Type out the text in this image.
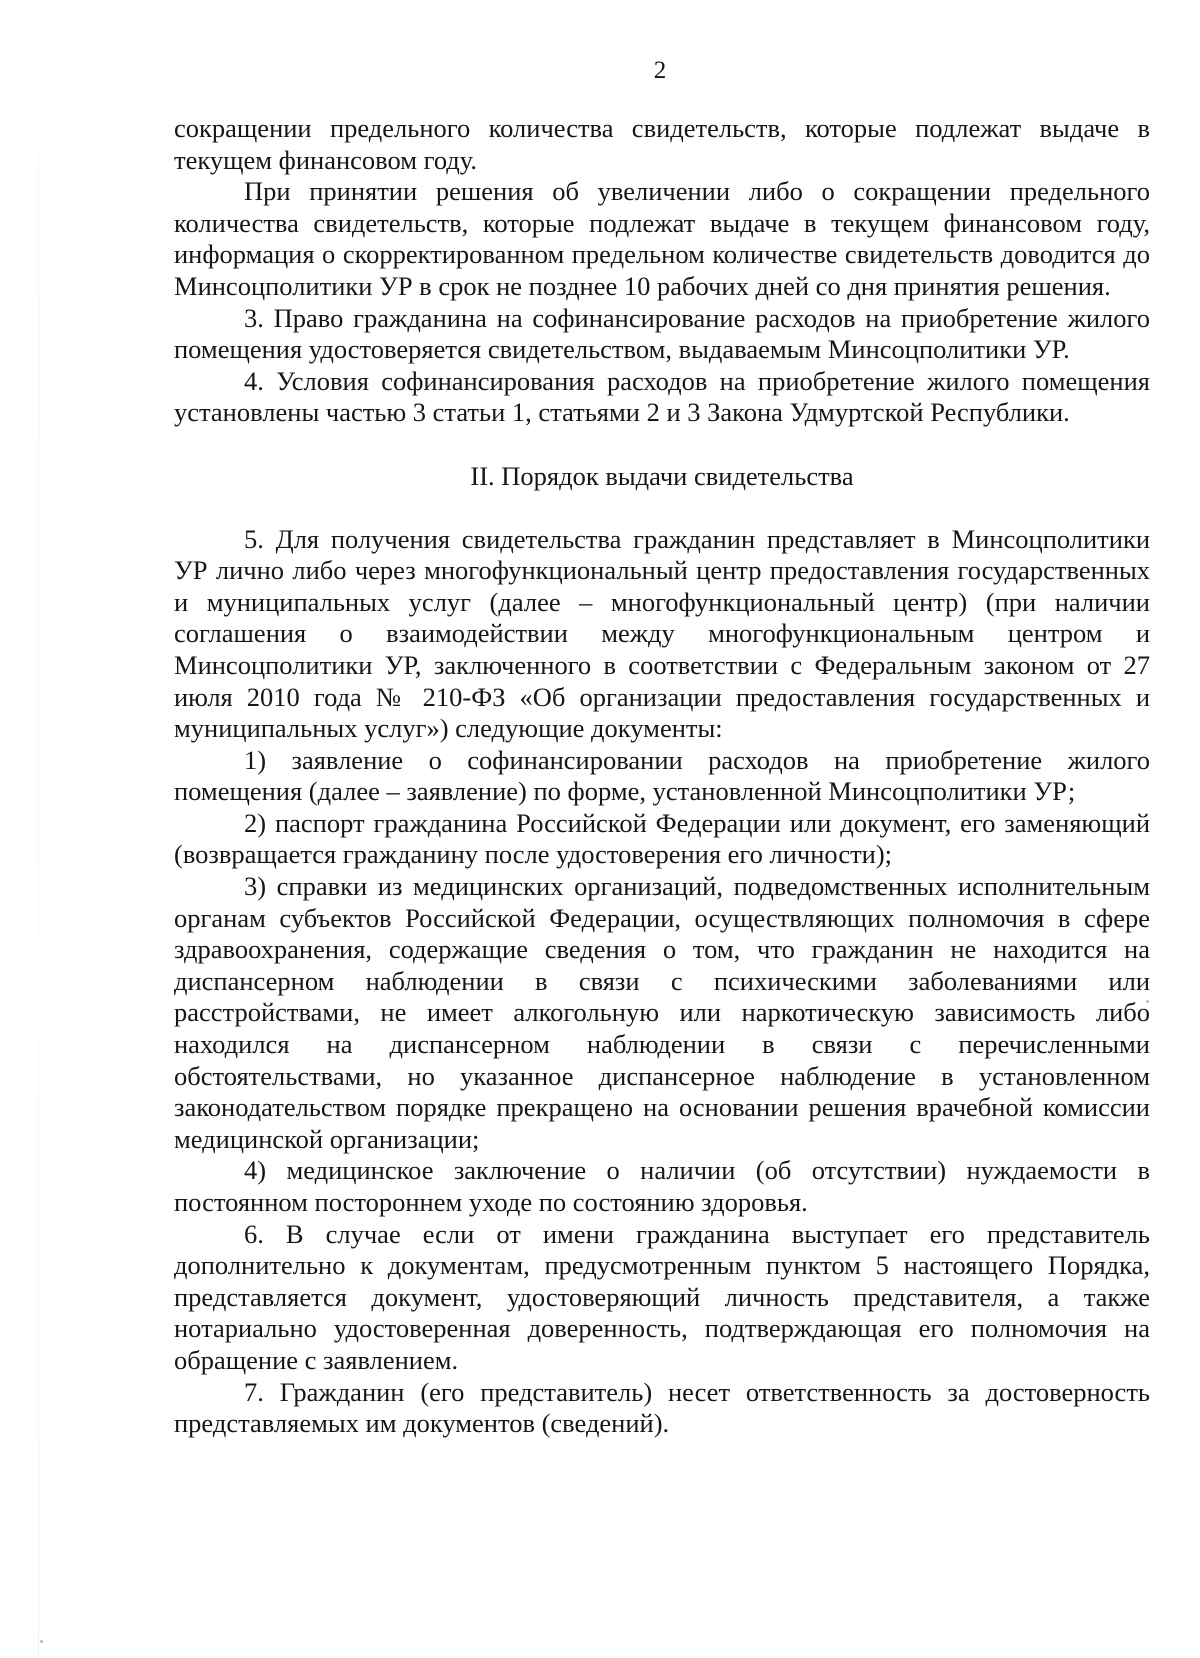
2

сокращении предельного количества свидетельств, которые подлежат выдаче в текущем финансовом году.

При принятии решения об увеличении либо о сокращении предельного количества свидетельств, которые подлежат выдаче в текущем финансовом году, информация о скорректированном предельном количестве свидетельств доводится до Минсоцполитики УР в срок не позднее 10 рабочих дней со дня принятия решения.

3. Право гражданина на софинансирование расходов на приобретение жилого помещения удостоверяется свидетельством, выдаваемым Минсоцполитики УР.

4. Условия софинансирования расходов на приобретение жилого помещения установлены частью 3 статьи 1, статьями 2 и 3 Закона Удмуртской Республики.

II. Порядок выдачи свидетельства

5. Для получения свидетельства гражданин представляет в Минсоцполитики УР лично либо через многофункциональный центр предоставления государственных и муниципальных услуг (далее – многофункциональный центр) (при наличии соглашения о взаимодействии между многофункциональным центром и Минсоцполитики УР, заключенного в соответствии с Федеральным законом от 27 июля 2010 года № 210-ФЗ «Об организации предоставления государственных и муниципальных услуг») следующие документы:

1) заявление о софинансировании расходов на приобретение жилого помещения (далее – заявление) по форме, установленной Минсоцполитики УР;

2) паспорт гражданина Российской Федерации или документ, его заменяющий (возвращается гражданину после удостоверения его личности);

3) справки из медицинских организаций, подведомственных исполнительным органам субъектов Российской Федерации, осуществляющих полномочия в сфере здравоохранения, содержащие сведения о том, что гражданин не находится на диспансерном наблюдении в связи с психическими заболеваниями или расстройствами, не имеет алкогольную или наркотическую зависимость либо находился на диспансерном наблюдении в связи с перечисленными обстоятельствами, но указанное диспансерное наблюдение в установленном законодательством порядке прекращено на основании решения врачебной комиссии медицинской организации;

4) медицинское заключение о наличии (об отсутствии) нуждаемости в постоянном постороннем уходе по состоянию здоровья.

6. В случае если от имени гражданина выступает его представитель дополнительно к документам, предусмотренным пунктом 5 настоящего Порядка, представляется документ, удостоверяющий личность представителя, а также нотариально удостоверенная доверенность, подтверждающая его полномочия на обращение с заявлением.

7. Гражданин (его представитель) несет ответственность за достоверность представляемых им документов (сведений).
